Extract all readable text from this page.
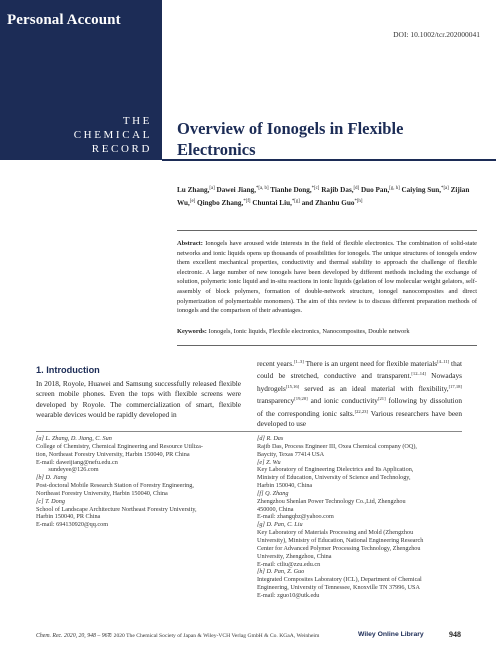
Personal Account
DOI: 10.1002/tcr.202000041
THE
CHEMICAL
RECORD
Overview of Ionogels in Flexible
Electronics
Lu Zhang,[a] Dawei Jiang,$^{*[a, b]}$ Tianhe Dong,$^{*[c]}$ Rajib Das,[d] Duo Pan,[g, h] Caiying Sun,$^{*[a]}$ Zijian Wu,[e] Qingbo Zhang,$^{*[f]}$ Chuntai Liu,$^{*[g]}$ and Zhanhu Guo$^{*[h]}$
Abstract: Ionogels have aroused wide interests in the field of flexible electronics. The combination of solid-state networks and ionic liquids opens up thousands of possibilities for ionogels. The unique structures of ionogels endow them excellent mechanical properties, conductivity and thermal stability to approach the challenge of flexible electronic. A large number of new ionogels have been developed by different methods including the exchange of solution, polymeric ionic liquid and in-situ reactions in ionic liquids (gelation of low molecular weight gelators, self-assembly of block polymers, formation of double-network structure, ionogel nanocomposites and direct polymerization of polymerizable monomers). The aim of this review is to discuss different preparation methods of ionogels and the comparison of their advantages.
Keywords: Ionogels, Ionic liquids, Flexible electronics, Nanocomposites, Double network
1. Introduction
In 2018, Royole, Huawei and Samsung successfully released flexible screen mobile phones. Even the tops with flexible screens were developed by Royole. The commercialization of smart, flexible wearable devices would be rapidly developed in
recent years.[1–3] There is an urgent need for flexible materials[4–11] that could be stretched, conductive and transparent.[12–14] Nowadays hydrogels[15,16] served as an ideal material with flexibility,[17,18] transparency[19,20] and ionic conductivity[21] following by dissolution of the corresponding ionic salts.[22,23] Various researchers have been developed to use
[a] L. Zhang, D. Jiang, C. Sun
College of Chemistry, Chemical Engineering and Resource Utiliza-
tion, Northeast Forestry University, Harbin 150040, PR China
E-mail: daweijiang@nefu.edu.cn
sundeyee@126.com
[b] D. Jiang
Post-doctoral Mobile Research Station of Forestry Engineering,
Northeast Forestry University, Harbin 150040, China
[c] T. Dong
School of Landscape Architecture Northeast Forestry University,
Harbin 150040, PR China
E-mail: 694130920@qq.com
[d] R. Das
Rajib Das, Process Engineer III, Oxea Chemical company (OQ),
Baycity, Texas 77414 USA
[e] Z. Wu
Key Laboratory of Engineering Dielectrics and Its Application,
Ministry of Education, University of Science and Technology,
Harbin 150040, China
[f] Q. Zhang
Zhengzhou Shenlan Power Technology Co.,Ltd, Zhengzhou
450000, China
E-mail: zhangqbz@yahoo.com
[g] D. Pan, C. Liu
Key Laboratory of Materials Processing and Mold (Zhengzhou
University), Ministry of Education, National Engineering Research
Center for Advanced Polymer Processing Technology, Zhengzhou
University, Zhengzhou, China
E-mail: ctliu@zzu.edu.cn
[h] D. Pan, Z. Guo
Integrated Composites Laboratory (ICL), Department of Chemical
Engineering, University of Tennessee, Knoxville TN 37996, USA
E-mail: zguo10@utk.edu
Chem. Rec. 2020, 20, 948 – 967
© 2020 The Chemical Society of Japan & Wiley-VCH Verlag GmbH & Co. KGaA, Weinheim	Wiley Online Library	948
